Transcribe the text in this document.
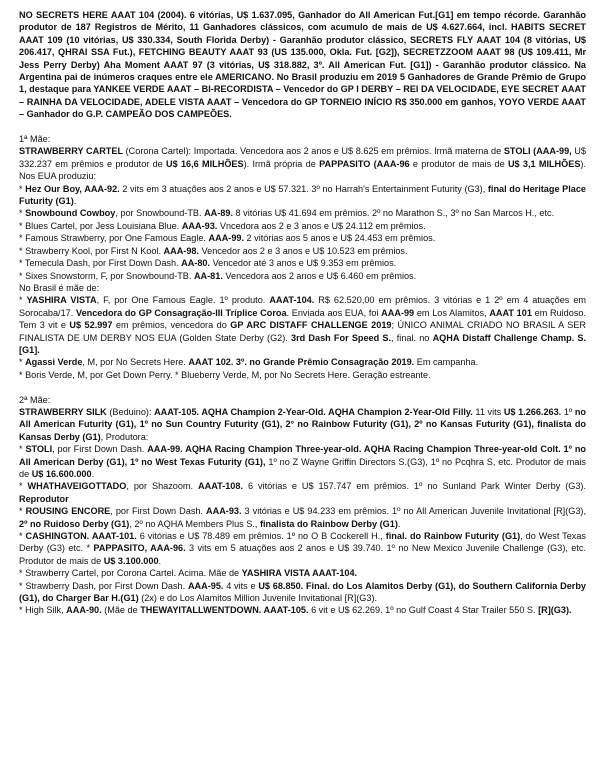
NO SECRETS HERE AAAT 104 (2004). 6 vitórias, U$ 1.637.095, Ganhador do All American Fut.[G1] em tempo récorde. Garanhão produtor de 187 Registros de Mérito, 11 Ganhadores clássicos, com acumulo de mais de U$ 4.627.664, incl. HABITS SECRET AAAT 109 (10 vitórias, U$ 330.334, South Florida Derby) - Garanhão produtor clássico, SECRETS FLY AAAT 104 (8 vitórias, U$ 206.417, QHRAI SSA Fut.), FETCHING BEAUTY AAAT 93 (US 135.000, Okla. Fut. [G2]), SECRETZZOOM AAAT 98 (U$ 109.411, Mr Jess Perry Derby) Aha Moment AAAT 97 (3 vitórias, U$ 318.882, 3º. All American Fut. [G1]) - Garanhão produtor clássico. Na Argentina pai de inúmeros craques entre ele AMERICANO. No Brasil produziu em 2019 5 Ganhadores de Grande Prêmio de Grupo 1, destaque para YANKEE VERDE AAAT – BI-RECORDISTA – Vencedor do GP I DERBY – REI DA VELOCIDADE, EYE SECRET AAAT – RAINHA DA VELOCIDADE, ADELE VISTA AAAT – Vencedora do GP TORNEIO INÍCIO R$ 350.000 em ganhos, YOYO VERDE AAAT – Ganhador do G.P. CAMPEÃO DOS CAMPEÕES.

1ª Mãe:

STRAWBERRY CARTEL (Corona Cartel): Importada. Vencedora aos 2 anos e U$ 8.625 em prêmios. Irmã materna de STOLI (AAA-99, U$ 332.237 em prêmios e produtor de U$ 16,6 MILHÕES). Irmã própria de PAPPASITO (AAA-96 e produtor de mais de U$ 3,1 MILHÕES). Nos EUA produziu:

* Hez Our Boy, AAA-92. 2 vits em 3 atuações aos 2 anos e U$ 57.321. 3º no Harrah's Entertainment Futurity (G3), final do Heritage Place Futurity (G1).

* Snowbound Cowboy, por Snowbound-TB. AA-89. 8 vitórias U$ 41.694 em prêmios. 2º no Marathon S., 3º no San Marcos H., etc.

* Blues Cartel, por Jess Louisiana Blue. AAA-93. Vncedora aos 2 e 3 anos e U$ 24.112 em prêmios.

* Famous Strawberry, por One Famous Eagle. AAA-99. 2 vitórias aos 5 anos e U$ 24.453 em prêmios.

* Strawberry Kool, por First N Kool. AAA-98. Vencedor aos 2 e 3 anos e U$ 10.523 em prêmios.

* Temecula Dash, por First Down Dash. AA-80. Vencedor até 3 anos e U$ 9.353 em prêmios.

* Sixes Snowstorm, F, por Snowbound-TB. AA-81. Vencedora aos 2 anos e U$ 6.460 em prêmios.

No Brasil é mãe de:

* YASHIRA VISTA, F, por One Famous Eagle. 1º produto. AAAT-104. R$ 62.520,00 em prêmios. 3 vitórias e 1 2º em 4 atuações em Sorocaba/17. Vencedora do GP Consagração-III Tríplice Coroa. Enviada aos EUA, foi AAA-99 em Los Alamitos, AAAT 101 em Ruidoso. Tem 3 vit e U$ 52.997 em prêmios, vencedora do GP ARC DISTAFF CHALLENGE 2019; ÚNICO ANIMAL CRIADO NO BRASIL A SER FINALISTA DE UM DERBY NOS EUA (Golden State Derby (G2). 3rd Dash For Speed S., final. no AQHA Distaff Challenge Champ. S. [G1].

* Agassi Verde, M, por No Secrets Here. AAAT 102. 3º. no Grande Prêmio Consagração 2019. Em campanha.

* Boris Verde, M, por Get Down Perry. * Blueberry Verde, M, por No Secrets Here. Geração estreante.

2ª Mãe:

STRAWBERRY SILK (Beduino): AAAT-105. AQHA Champion 2-Year-Old. AQHA Champion 2-Year-Old Filly. 11 vits U$ 1.266.263. 1º no All American Futurity (G1), 1º no Sun Country Futurity (G1), 2° no Rainbow Futurity (G1), 2º no Kansas Futurity (G1), finalista do Kansas Derby (G1), Produtora:

* STOLI, por First Down Dash. AAA-99. AQHA Racing Champion Three-year-old. AQHA Racing Champion Three-year-old Colt. 1º no All American Derby (G1), 1º no West Texas Futurity (G1), 1º no Z Wayne Griffin Directors S.(G3), 1º no Pcqhra S, etc. Produtor de mais de U$ 16.600.000.

* WHATHAVEIGOTTADO, por Shazoom. AAAT-108. 6 vitórias e U$ 157.747 em prêmios. 1º no Sunland Park Winter Derby (G3). Reprodutor

* ROUSING ENCORE, por First Down Dash. AAA-93. 3 vitórias e U$ 94.233 em prêmios. 1º no All American Juvenile Invitational [R](G3), 2º no Ruidoso Derby (G1), 2º no AQHA Members Plus S., finalista do Rainbow Derby (G1).

* CASHINGTON. AAAT-101. 6 vitórias e U$ 78.489 em prêmios. 1º no O B Cockerell H., final. do Rainbow Futurity (G1), do West Texas Derby (G3) etc. * PAPPASITO, AAA-96. 3 vits em 5 atuações aos 2 anos e U$ 39.740. 1º no New Mexico Juvenile Challenge (G3), etc. Produtor de mais de U$ 3.100.000.

* Strawberry Cartel, por Corona Cartel. Acima. Mãe de YASHIRA VISTA AAAT-104.

* Strawberry Dash, por First Down Dash. AAA-95. 4 vits e U$ 68.850. Final. do Los Alamitos Derby (G1), do Southern California Derby (G1), do Charger Bar H.(G1) (2x) e do Los Alamitos Million Juvenile Invitational [R](G3).

* High Silk, AAA-90. (Mãe de THEWAYITALLWENTDOWN. AAAT-105. 6 vit e U$ 62.269. 1º no Gulf Coast 4 Star Trailer 550 S. [R](G3).
